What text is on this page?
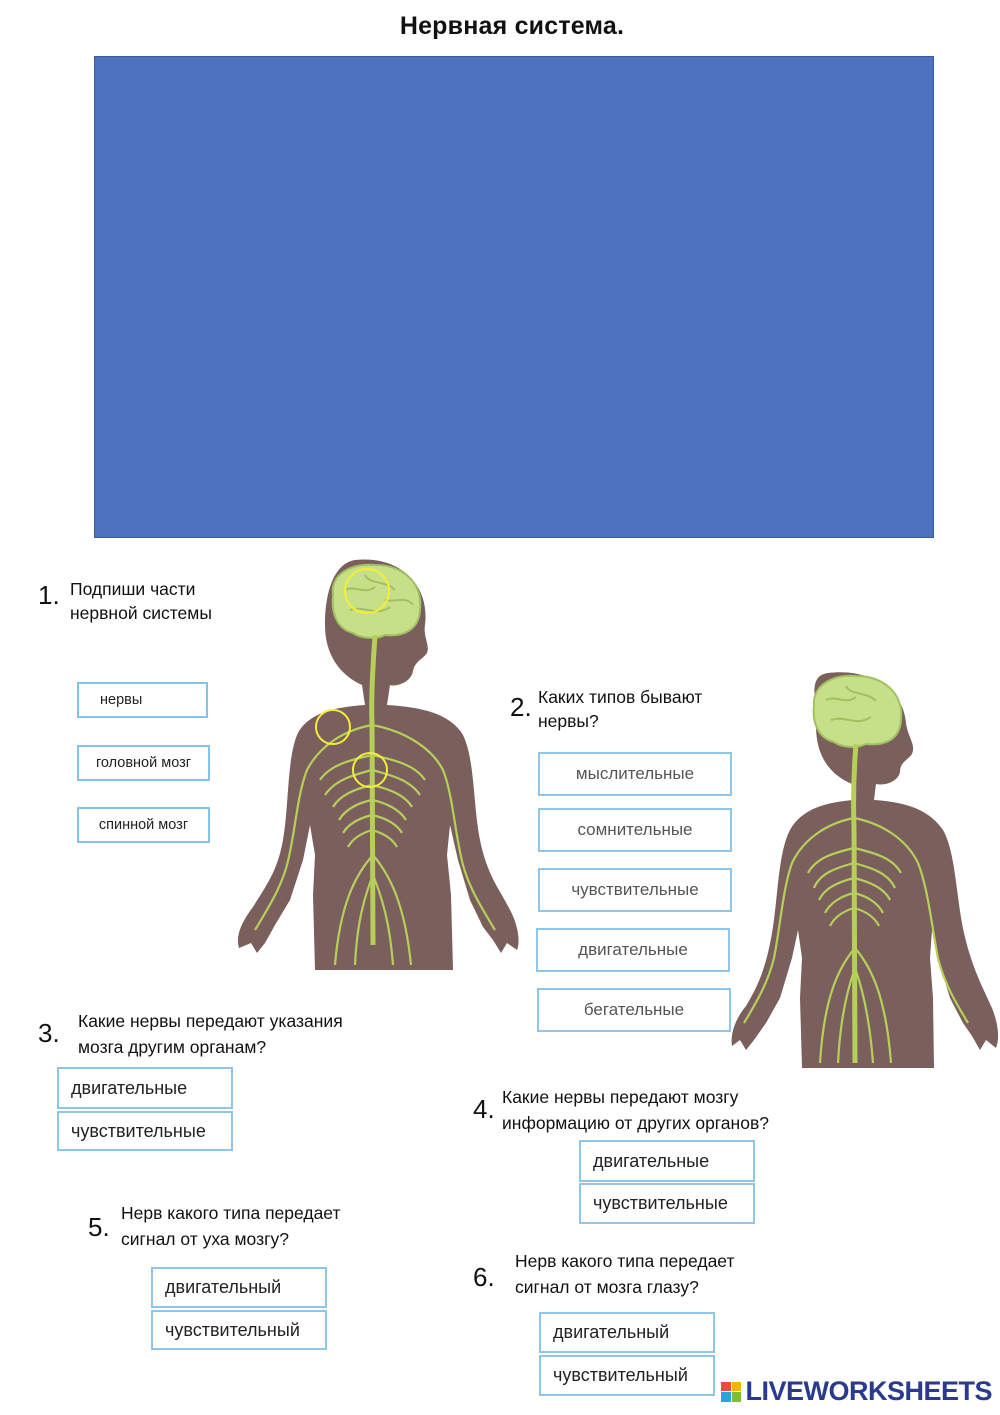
Нервная система.
1. Подпиши части
нервной системы
нервы
головной мозг
спинной мозг
2. Каких типов бывают
нервы?
мыслительные
сомнительные
чувствительные
двигательные
бегательные
3. Какие нервы передают указания
мозга другим органам?
двигательные
чувствительные
4. Какие нервы передают мозгу
информацию от других органов?
двигательные
чувствительные
5. Нерв какого типа передает
сигнал от уха мозгу?
двигательный
чувствительный
6.
Нерв какого типа передает
сигнал от мозга глазу?
двигательный
чувствительный
LIVEWORKSHEETS
